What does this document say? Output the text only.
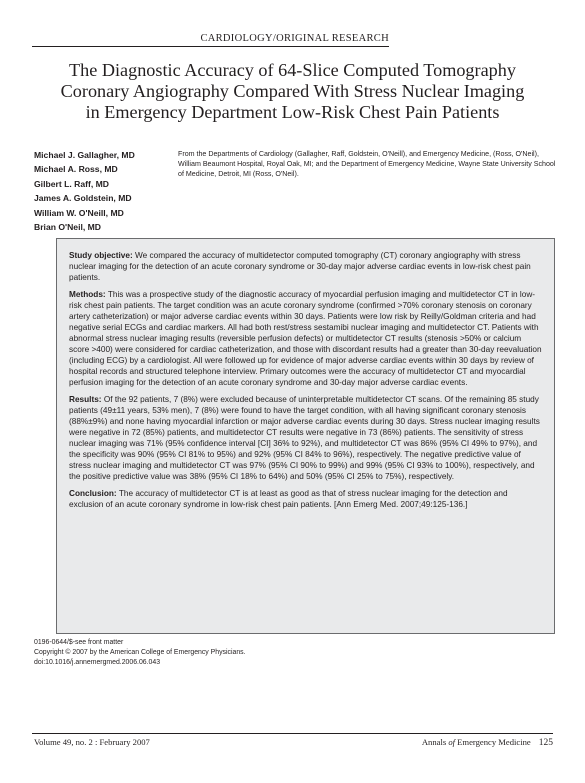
CARDIOLOGY/ORIGINAL RESEARCH
The Diagnostic Accuracy of 64-Slice Computed Tomography
Coronary Angiography Compared With Stress Nuclear Imaging
in Emergency Department Low-Risk Chest Pain Patients
Michael J. Gallagher, MD
Michael A. Ross, MD
Gilbert L. Raff, MD
James A. Goldstein, MD
William W. O'Neill, MD
Brian O'Neil, MD
From the Departments of Cardiology (Gallagher, Raff, Goldstein, O'Neill), and Emergency Medicine, (Ross, O'Neil), William Beaumont Hospital, Royal Oak, MI; and the Department of Emergency Medicine, Wayne State University School of Medicine, Detroit, MI (Ross, O'Neil).

Study objective: We compared the accuracy of multidetector computed tomography (CT) coronary angiography with stress nuclear imaging for the detection of an acute coronary syndrome or 30-day major adverse cardiac events in low-risk chest pain patients.

Methods: This was a prospective study of the diagnostic accuracy of myocardial perfusion imaging and multidetector CT in low-risk chest pain patients. The target condition was an acute coronary syndrome (confirmed >70% coronary stenosis on coronary artery catheterization) or major adverse cardiac events within 30 days. Patients were low risk by Reilly/Goldman criteria and had negative serial ECGs and cardiac markers. All had both rest/stress sestamibi nuclear imaging and multidetector CT. Patients with abnormal stress nuclear imaging results (reversible perfusion defects) or multidetector CT results (stenosis >50% or calcium score >400) were considered for cardiac catheterization, and those with discordant results had a greater than 30-day reevaluation (including ECG) by a cardiologist. All were followed up for evidence of major adverse cardiac events within 30 days by review of hospital records and structured telephone interview. Primary outcomes were the accuracy of multidetector CT and myocardial perfusion imaging for the detection of an acute coronary syndrome and 30-day major adverse cardiac events.

Results: Of the 92 patients, 7 (8%) were excluded because of uninterpretable multidetector CT scans. Of the remaining 85 study patients (49±11 years, 53% men), 7 (8%) were found to have the target condition, with all having significant coronary stenosis (88%±9%) and none having myocardial infarction or major adverse cardiac events during 30 days. Stress nuclear imaging results were negative in 72 (85%) patients, and multidetector CT results were negative in 73 (86%) patients. The sensitivity of stress nuclear imaging was 71% (95% confidence interval [CI] 36% to 92%), and multidetector CT was 86% (95% CI 49% to 97%), and the specificity was 90% (95% CI 81% to 95%) and 92% (95% CI 84% to 96%), respectively. The negative predictive value of stress nuclear imaging and multidetector CT was 97% (95% CI 90% to 99%) and 99% (95% CI 93% to 100%), respectively, and the positive predictive value was 38% (95% CI 18% to 64%) and 50% (95% CI 25% to 75%), respectively.

Conclusion: The accuracy of multidetector CT is at least as good as that of stress nuclear imaging for the detection and exclusion of an acute coronary syndrome in low-risk chest pain patients. [Ann Emerg Med. 2007;49:125-136.]

0196-0644/$-see front matter
Copyright © 2007 by the American College of Emergency Physicians.
doi:10.1016/j.annemergmed.2006.06.043
Volume 49, no. 2 : February 2007	Annals of Emergency Medicine 125
